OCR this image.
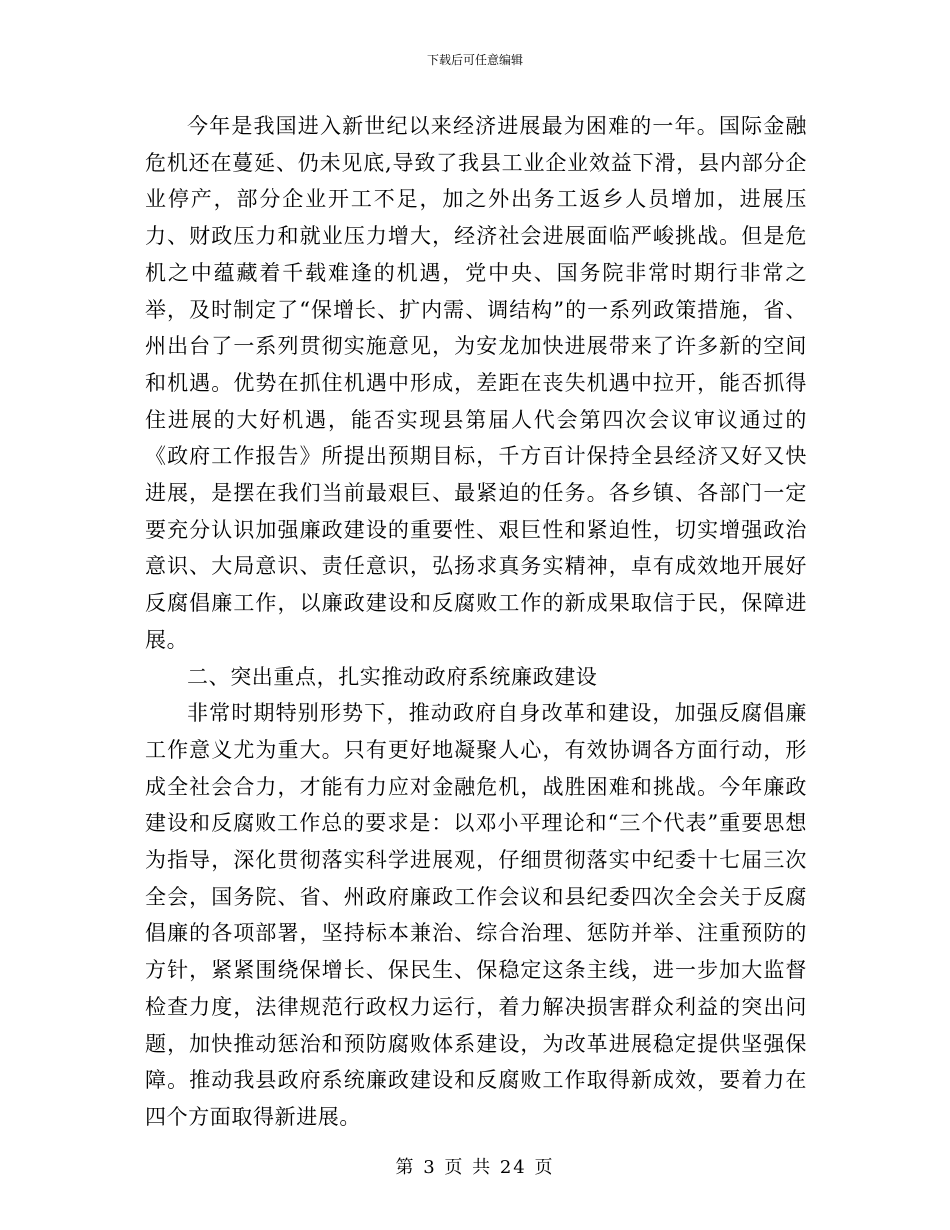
下载后可任意编辑

今年是我国进入新世纪以来经济进展最为困难的一年。国际金融危机还在蔓延、仍未见底,导致了我县工业企业效益下滑，县内部分企业停产，部分企业开工不足，加之外出务工返乡人员增加，进展压力、财政压力和就业压力增大，经济社会进展面临严峻挑战。但是危机之中蕴藏着千载难逢的机遇，党中央、国务院非常时期行非常之举，及时制定了“保增长、扩内需、调结构”的一系列政策措施，省、州出台了一系列贯彻实施意见，为安龙加快进展带来了许多新的空间和机遇。优势在抓住机遇中形成，差距在丧失机遇中拉开，能否抓得住进展的大好机遇，能否实现县第届人代会第四次会议审议通过的《政府工作报告》所提出预期目标，千方百计保持全县经济又好又快进展，是摆在我们当前最艰巨、最紧迫的任务。各乡镇、各部门一定要充分认识加强廉政建设的重要性、艰巨性和紧迫性，切实增强政治意识、大局意识、责任意识，弘扬求真务实精神，卓有成效地开展好反腐倡廉工作，以廉政建设和反腐败工作的新成果取信于民，保障进展。

二、突出重点，扎实推动政府系统廉政建设

非常时期特别形势下，推动政府自身改革和建设，加强反腐倡廉工作意义尤为重大。只有更好地凝聚人心，有效协调各方面行动，形成全社会合力，才能有力应对金融危机，战胜困难和挑战。今年廉政建设和反腐败工作总的要求是：以邓小平理论和“三个代表”重要思想为指导，深化贯彻落实科学进展观，仔细贯彻落实中纪委十七届三次全会，国务院、省、州政府廉政工作会议和县纪委四次全会关于反腐倡廉的各项部署，坚持标本兼治、综合治理、惩防并举、注重预防的方针，紧紧围绕保增长、保民生、保稳定这条主线，进一步加大监督检查力度，法律规范行政权力运行，着力解决损害群众利益的突出问题，加快推动惩治和预防腐败体系建设，为改革进展稳定提供坚强保障。推动我县政府系统廉政建设和反腐败工作取得新成效，要着力在四个方面取得新进展。

第 3 页 共 24 页
